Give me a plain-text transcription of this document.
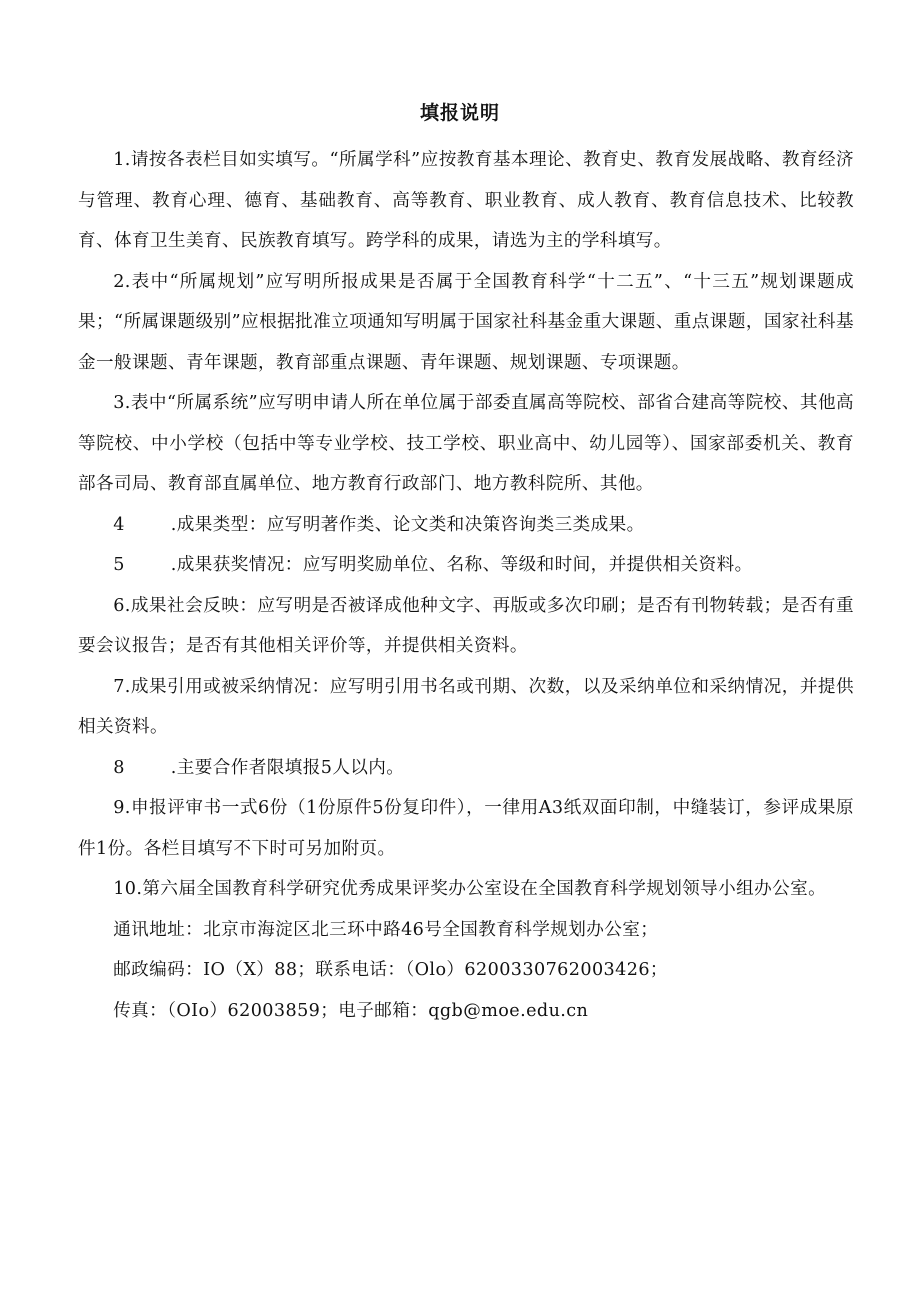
填报说明

1.请按各表栏目如实填写。“所属学科”应按教育基本理论、教育史、教育发展战略、教育经济与管理、教育心理、德育、基础教育、高等教育、职业教育、成人教育、教育信息技术、比较教育、体育卫生美育、民族教育填写。跨学科的成果，请选为主的学科填写。

2.表中“所属规划”应写明所报成果是否属于全国教育科学“十二五”、“十三五”规划课题成果；“所属课题级别”应根据批准立项通知写明属于国家社科基金重大课题、重点课题，国家社科基金一般课题、青年课题，教育部重点课题、青年课题、规划课题、专项课题。

3.表中“所属系统”应写明申请人所在单位属于部委直属高等院校、部省合建高等院校、其他高等院校、中小学校（包括中等专业学校、技工学校、职业高中、幼儿园等）、国家部委机关、教育部各司局、教育部直属单位、地方教育行政部门、地方教科院所、其他。

4	.成果类型：应写明著作类、论文类和决策咨询类三类成果。

5	.成果获奖情况：应写明奖励单位、名称、等级和时间，并提供相关资料。

6.成果社会反映：应写明是否被译成他种文字、再版或多次印刷；是否有刊物转载；是否有重要会议报告；是否有其他相关评价等，并提供相关资料。

7.成果引用或被采纳情况：应写明引用书名或刊期、次数，以及采纳单位和采纳情况，并提供相关资料。

8	.主要合作者限填报5人以内。

9.申报评审书一式6份（1份原件5份复印件），一律用A3纸双面印制，中缝装订，参评成果原件1份。各栏目填写不下时可另加附页。

10.第六届全国教育科学研究优秀成果评奖办公室设在全国教育科学规划领导小组办公室。

通讯地址：北京市海淀区北三环中路46号全国教育科学规划办公室；

邮政编码：IO（X）88；联系电话：（Olo）6200330762003426；

传真：（OIo）62003859；电子邮箱：qgb@moe.edu.cn
